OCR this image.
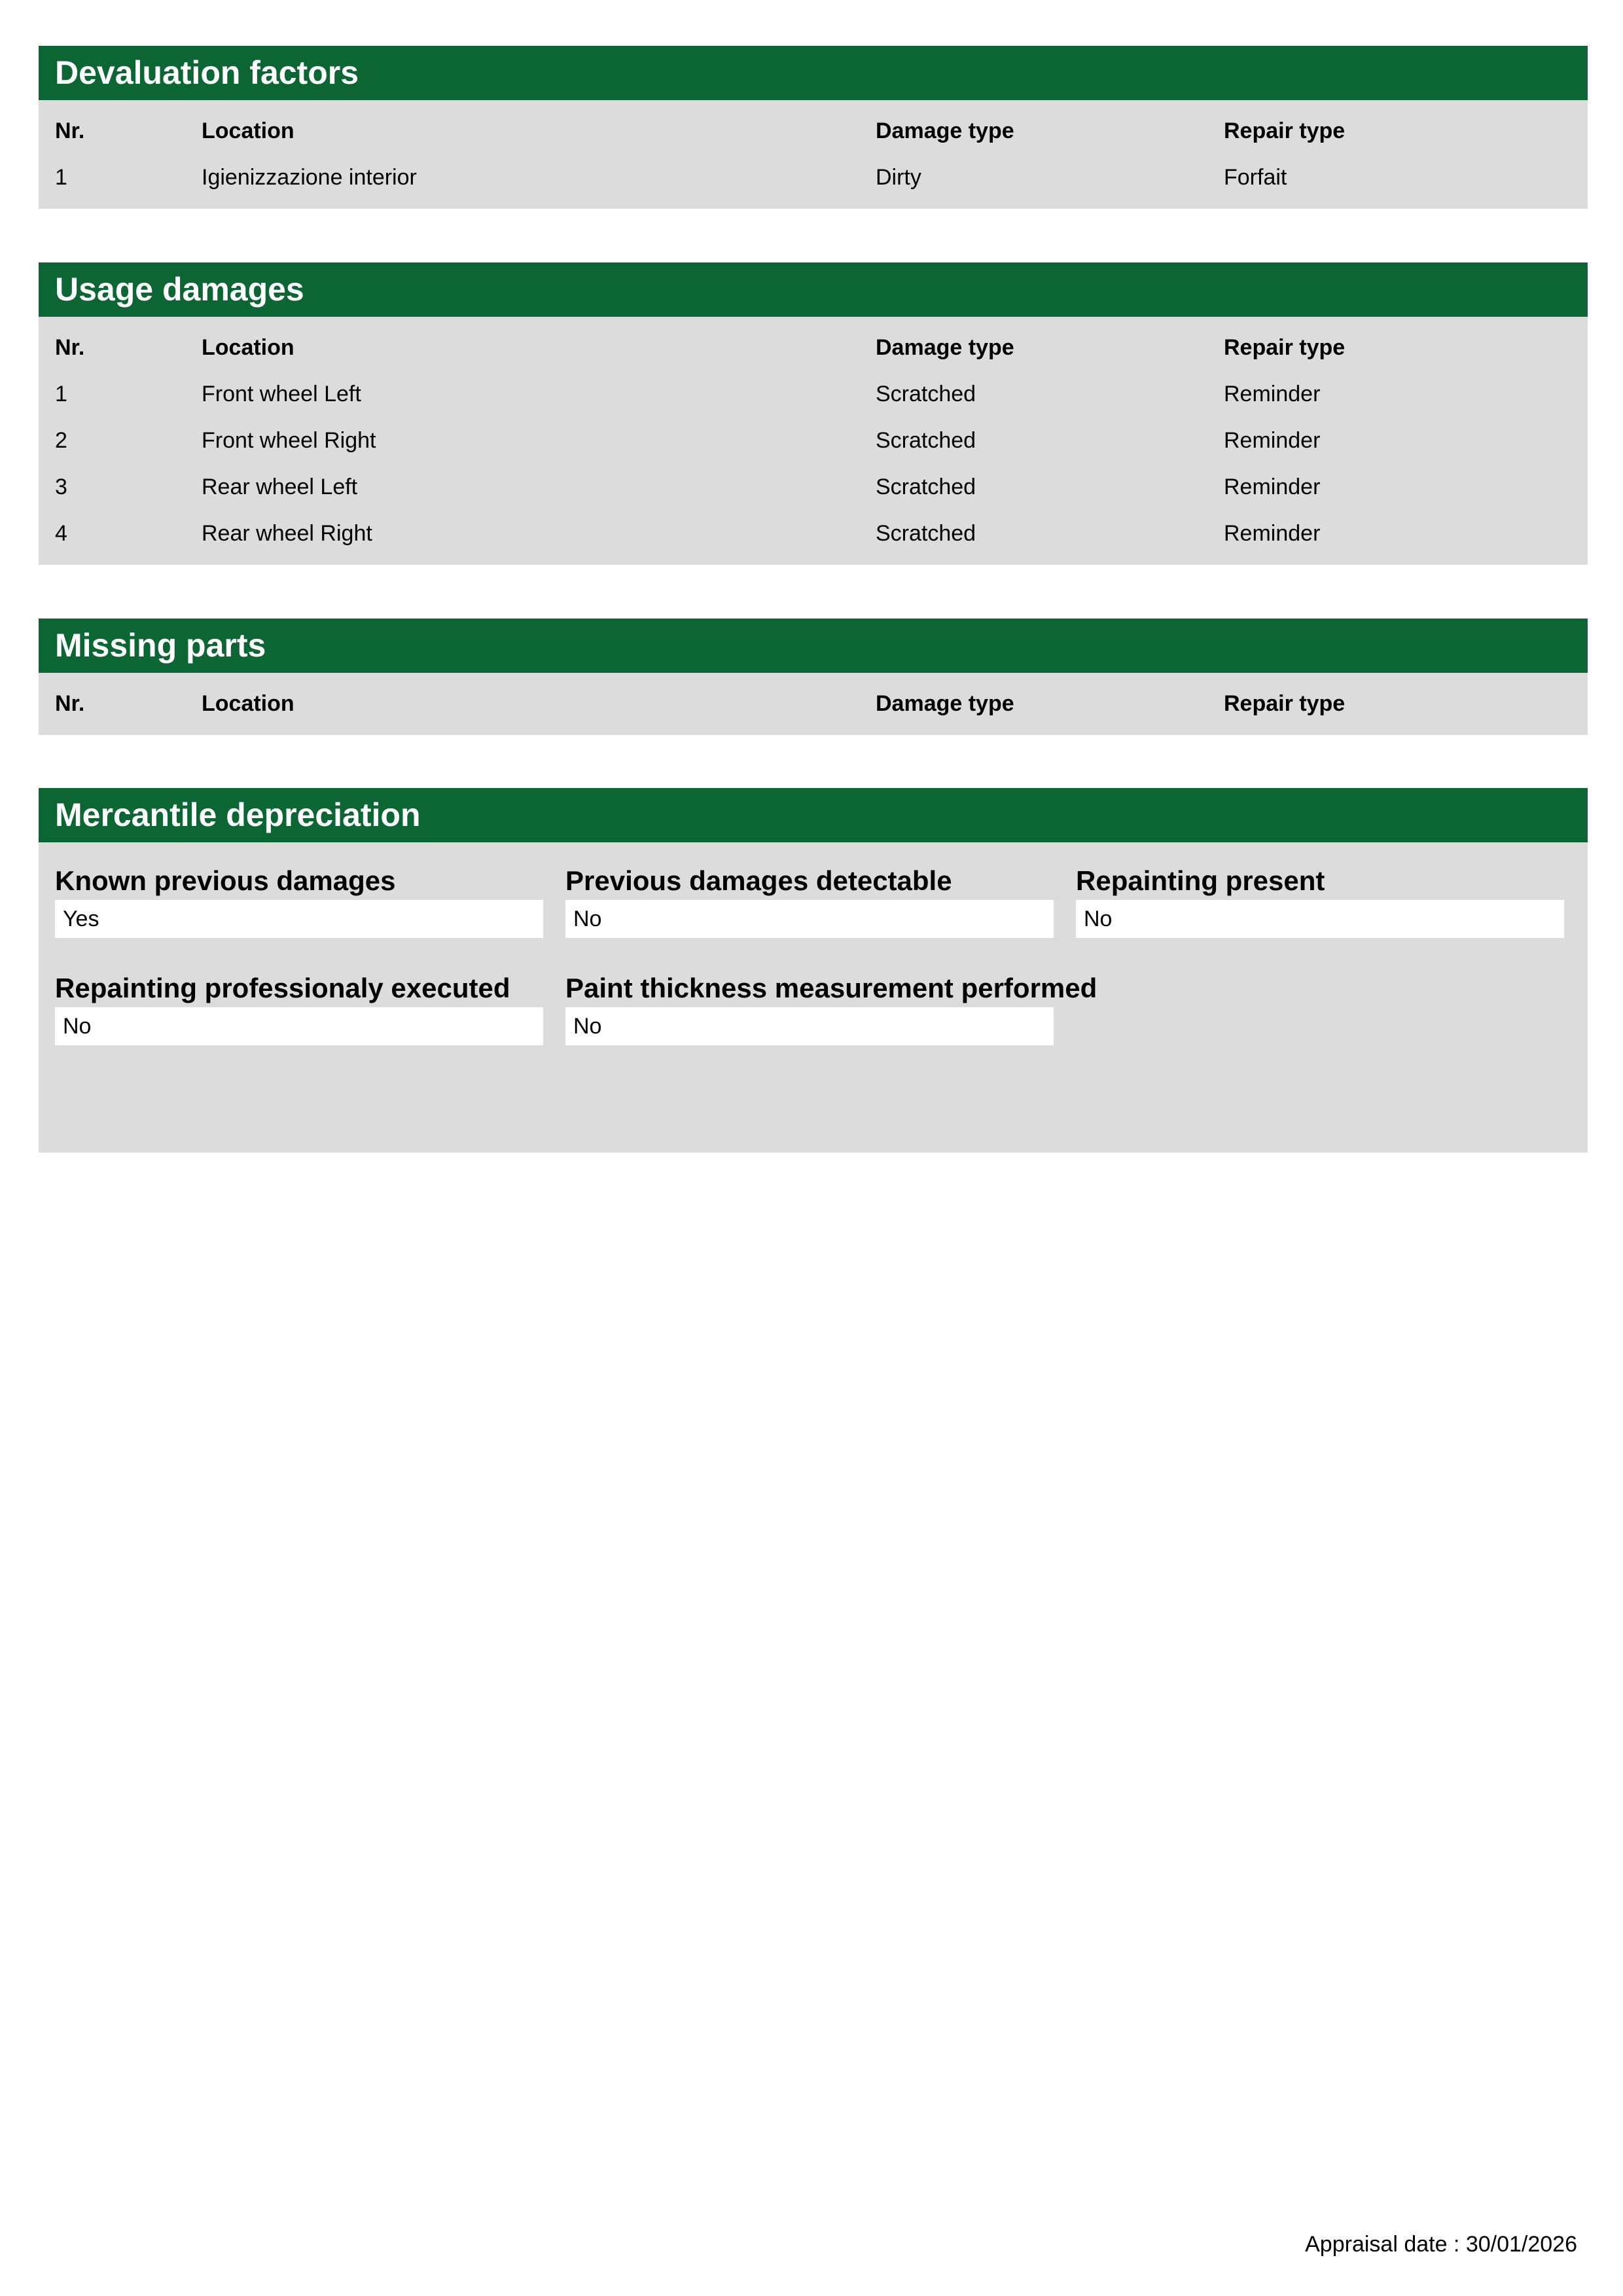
Devaluation factors
Nr.	Location	Damage type	Repair type
1	Igienizzazione interior	Dirty	Forfait
Usage damages
Nr.	Location	Damage type	Repair type
1	Front wheel Left	Scratched	Reminder
2	Front wheel Right	Scratched	Reminder
3	Rear wheel Left	Scratched	Reminder
4	Rear wheel Right	Scratched	Reminder
Missing parts
Nr.	Location	Damage type	Repair type
Mercantile depreciation
Known previous damages
Yes
Previous damages detectable
No
Repainting present
No
Repainting professionaly executed
No
Paint thickness measurement performed
No
Appraisal date : 30/01/2026
